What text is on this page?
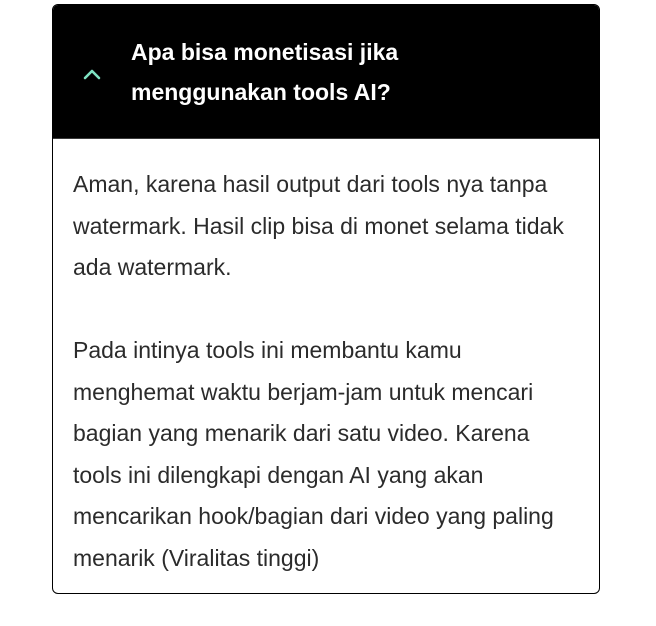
Apa bisa monetisasi jika menggunakan tools AI?

Aman, karena hasil output dari tools nya tanpa watermark. Hasil clip bisa di monet selama tidak ada watermark.

Pada intinya tools ini membantu kamu menghemat waktu berjam-jam untuk mencari bagian yang menarik dari satu video. Karena tools ini dilengkapi dengan AI yang akan mencarikan hook/bagian dari video yang paling menarik (Viralitas tinggi)
